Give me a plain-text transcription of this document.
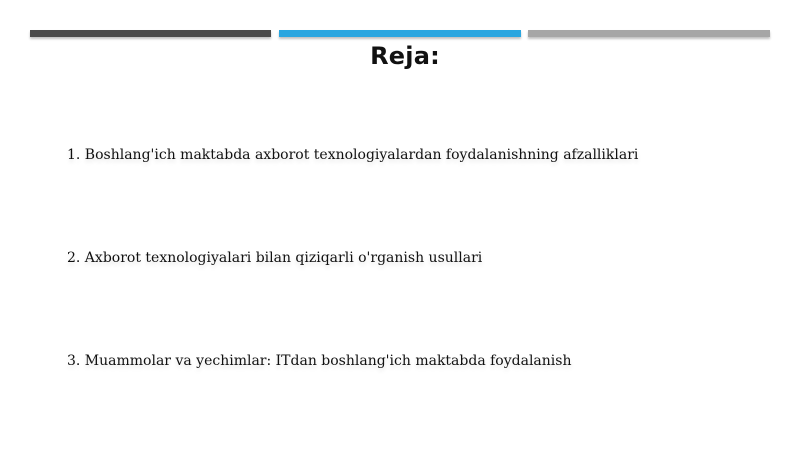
Reja:
1. Boshlang'ich maktabda axborot texnologiyalardan foydalanishning afzalliklari
2. Axborot texnologiyalari bilan qiziqarli o'rganish usullari
3. Muammolar va yechimlar: ITdan boshlang'ich maktabda foydalanish
